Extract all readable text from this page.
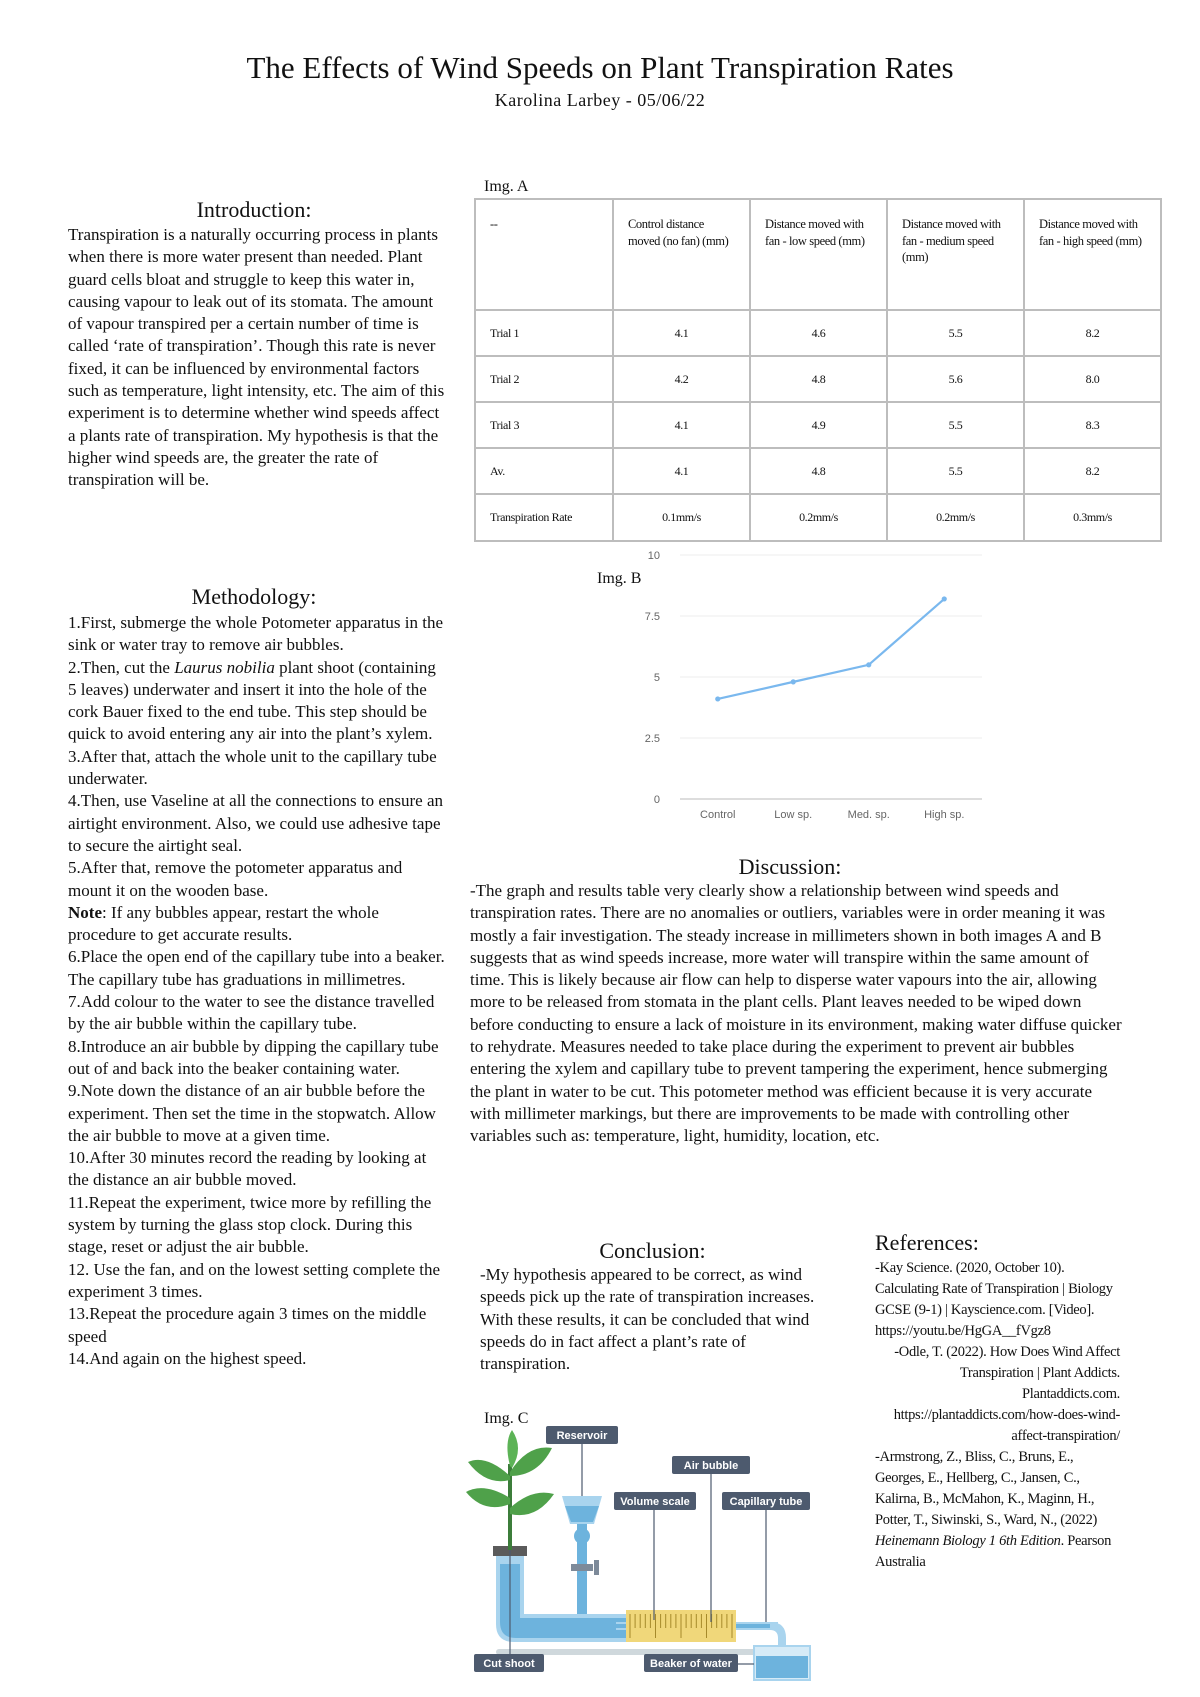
The Effects of Wind Speeds on Plant Transpiration Rates
Karolina Larbey - 05/06/22
Introduction:
Transpiration is a naturally occurring process in plants when there is more water present than needed. Plant guard cells bloat and struggle to keep this water in, causing vapour to leak out of its stomata. The amount of vapour transpired per a certain number of time is called ‘rate of transpiration’. Though this rate is never fixed, it can be influenced by environmental factors such as temperature, light intensity, etc. The aim of this experiment is to determine whether wind speeds affect a plants rate of transpiration. My hypothesis is that the higher wind speeds are, the greater the rate of transpiration will be.
Methodology:

1.First, submerge the whole Potometer apparatus in the sink or water tray to remove air bubbles.

2.Then, cut the Laurus nobilia plant shoot (containing 5 leaves) underwater and insert it into the hole of the cork Bauer fixed to the end tube. This step should be quick to avoid entering any air into the plant’s xylem.

3.After that, attach the whole unit to the capillary tube underwater.

4.Then, use Vaseline at all the connections to ensure an airtight environment. Also, we could use adhesive tape to secure the airtight seal.

5.After that, remove the potometer apparatus and mount it on the wooden base.

Note: If any bubbles appear, restart the whole procedure to get accurate results.

6.Place the open end of the capillary tube into a beaker. The capillary tube has graduations in millimetres.

7.Add colour to the water to see the distance travelled by the air bubble within the capillary tube.

8.Introduce an air bubble by dipping the capillary tube out of and back into the beaker containing water.

9.Note down the distance of an air bubble before the experiment. Then set the time in the stopwatch. Allow the air bubble to move at a given time.

10.After 30 minutes record the reading by looking at the distance an air bubble moved.

11.Repeat the experiment, twice more by refilling the system by turning the glass stop clock. During this stage, reset or adjust the air bubble.

12. Use the fan, and on the lowest setting complete the experiment 3 times.

13.Repeat the procedure again 3 times on the middle speed

14.And again on the highest speed.

Img. A
--	Control distance moved (no fan) (mm)	Distance moved with fan - low speed (mm)	Distance moved with fan - medium speed (mm)	Distance moved with fan - high speed (mm)
Trial 1	4.1	4.6	5.5	8.2
Trial 2	4.2	4.8	5.6	8.0
Trial 3	4.1	4.9	5.5	8.3
Av.	4.1	4.8	5.5	8.2
Transpiration Rate	0.1mm/s	0.2mm/s	0.2mm/s	0.3mm/s
Img. B
0
2.5
5
7.5
10
Control	Low sp.	Med. sp.	High sp.
Discussion:
-The graph and results table very clearly show a relationship between wind speeds and transpiration rates. There are no anomalies or outliers, variables were in order meaning it was mostly a fair investigation. The steady increase in millimeters shown in both images A and B suggests that as wind speeds increase, more water will transpire within the same amount of time. This is likely because air flow can help to disperse water vapours into the air, allowing more to be released from stomata in the plant cells. Plant leaves needed to be wiped down before conducting to ensure a lack of moisture in its environment, making water diffuse quicker to rehydrate. Measures needed to take place during the experiment to prevent air bubbles entering the xylem and capillary tube to prevent tampering the experiment, hence submerging the plant in water to be cut. This potometer method was efficient because it is very accurate with millimeter markings, but there are improvements to be made with controlling other variables such as: temperature, light, humidity, location, etc.
Conclusion:
-My hypothesis appeared to be correct, as wind speeds pick up the rate of transpiration increases. With these results, it can be concluded that wind speeds do in fact affect a plant’s rate of transpiration.
References:

-Kay Science. (2020, October 10). Calculating Rate of Transpiration | Biology GCSE (9-1) | Kayscience.com. [Video]. https://youtu.be/HgGA__fVgz8

-Odle, T. (2022). How Does Wind Affect Transpiration | Plant Addicts. Plantaddicts.com. https://plantaddicts.com/how-does-wind-affect-transpiration/

-Armstrong, Z., Bliss, C., Bruns, E., Georges, E., Hellberg, C., Jansen, C., Kalirna, B., McMahon, K., Maginn, H., Potter, T., Siwinski, S., Ward, N., (2022) Heinemann Biology 1 6th Edition. Pearson Australia

Img. C
Reservoir
Air bubble
Volume scale	Capillary tube
Cut shoot	Beaker of water
